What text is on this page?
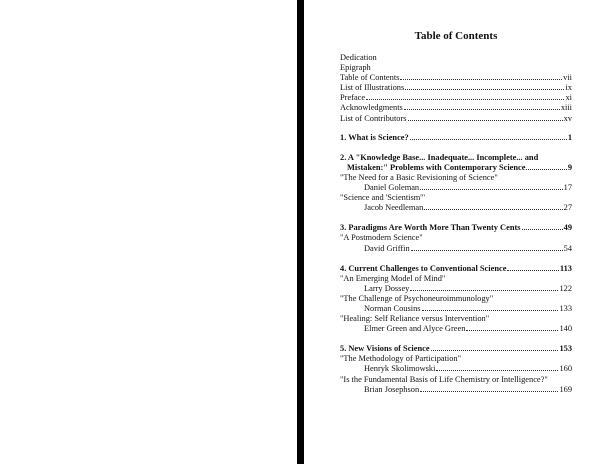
Table of Contents
Dedication
Epigraph
Table of Contents	vii
List of Illustrations	ix
Preface	xi
Acknowledgments	xiii
List of Contributors	xv
1. What is Science?	1
2. A "Knowledge Base... Inadequate... Incomplete... and
Mistaken:" Problems with Contemporary Science	9
"The Need for a Basic Revisioning of Science"
Daniel Goleman	17
"Science and 'Scientism'"
Jacob Needleman	27
3. Paradigms Are Worth More Than Twenty Cents	49
"A Postmodern Science"
David Griffin	54
4. Current Challenges to Conventional Science	113
"An Emerging Model of Mind"
Larry Dossey	122
"The Challenge of Psychoneuroimmunology"
Norman Cousins	133
"Healing: Self Reliance versus Intervention"
Elmer Green and Alyce Green	140
5. New Visions of Science	153
"The Methodology of Participation"
Henryk Skolimowski	160
"Is the Fundamental Basis of Life Chemistry or Intelligence?"
Brian Josephson	169
